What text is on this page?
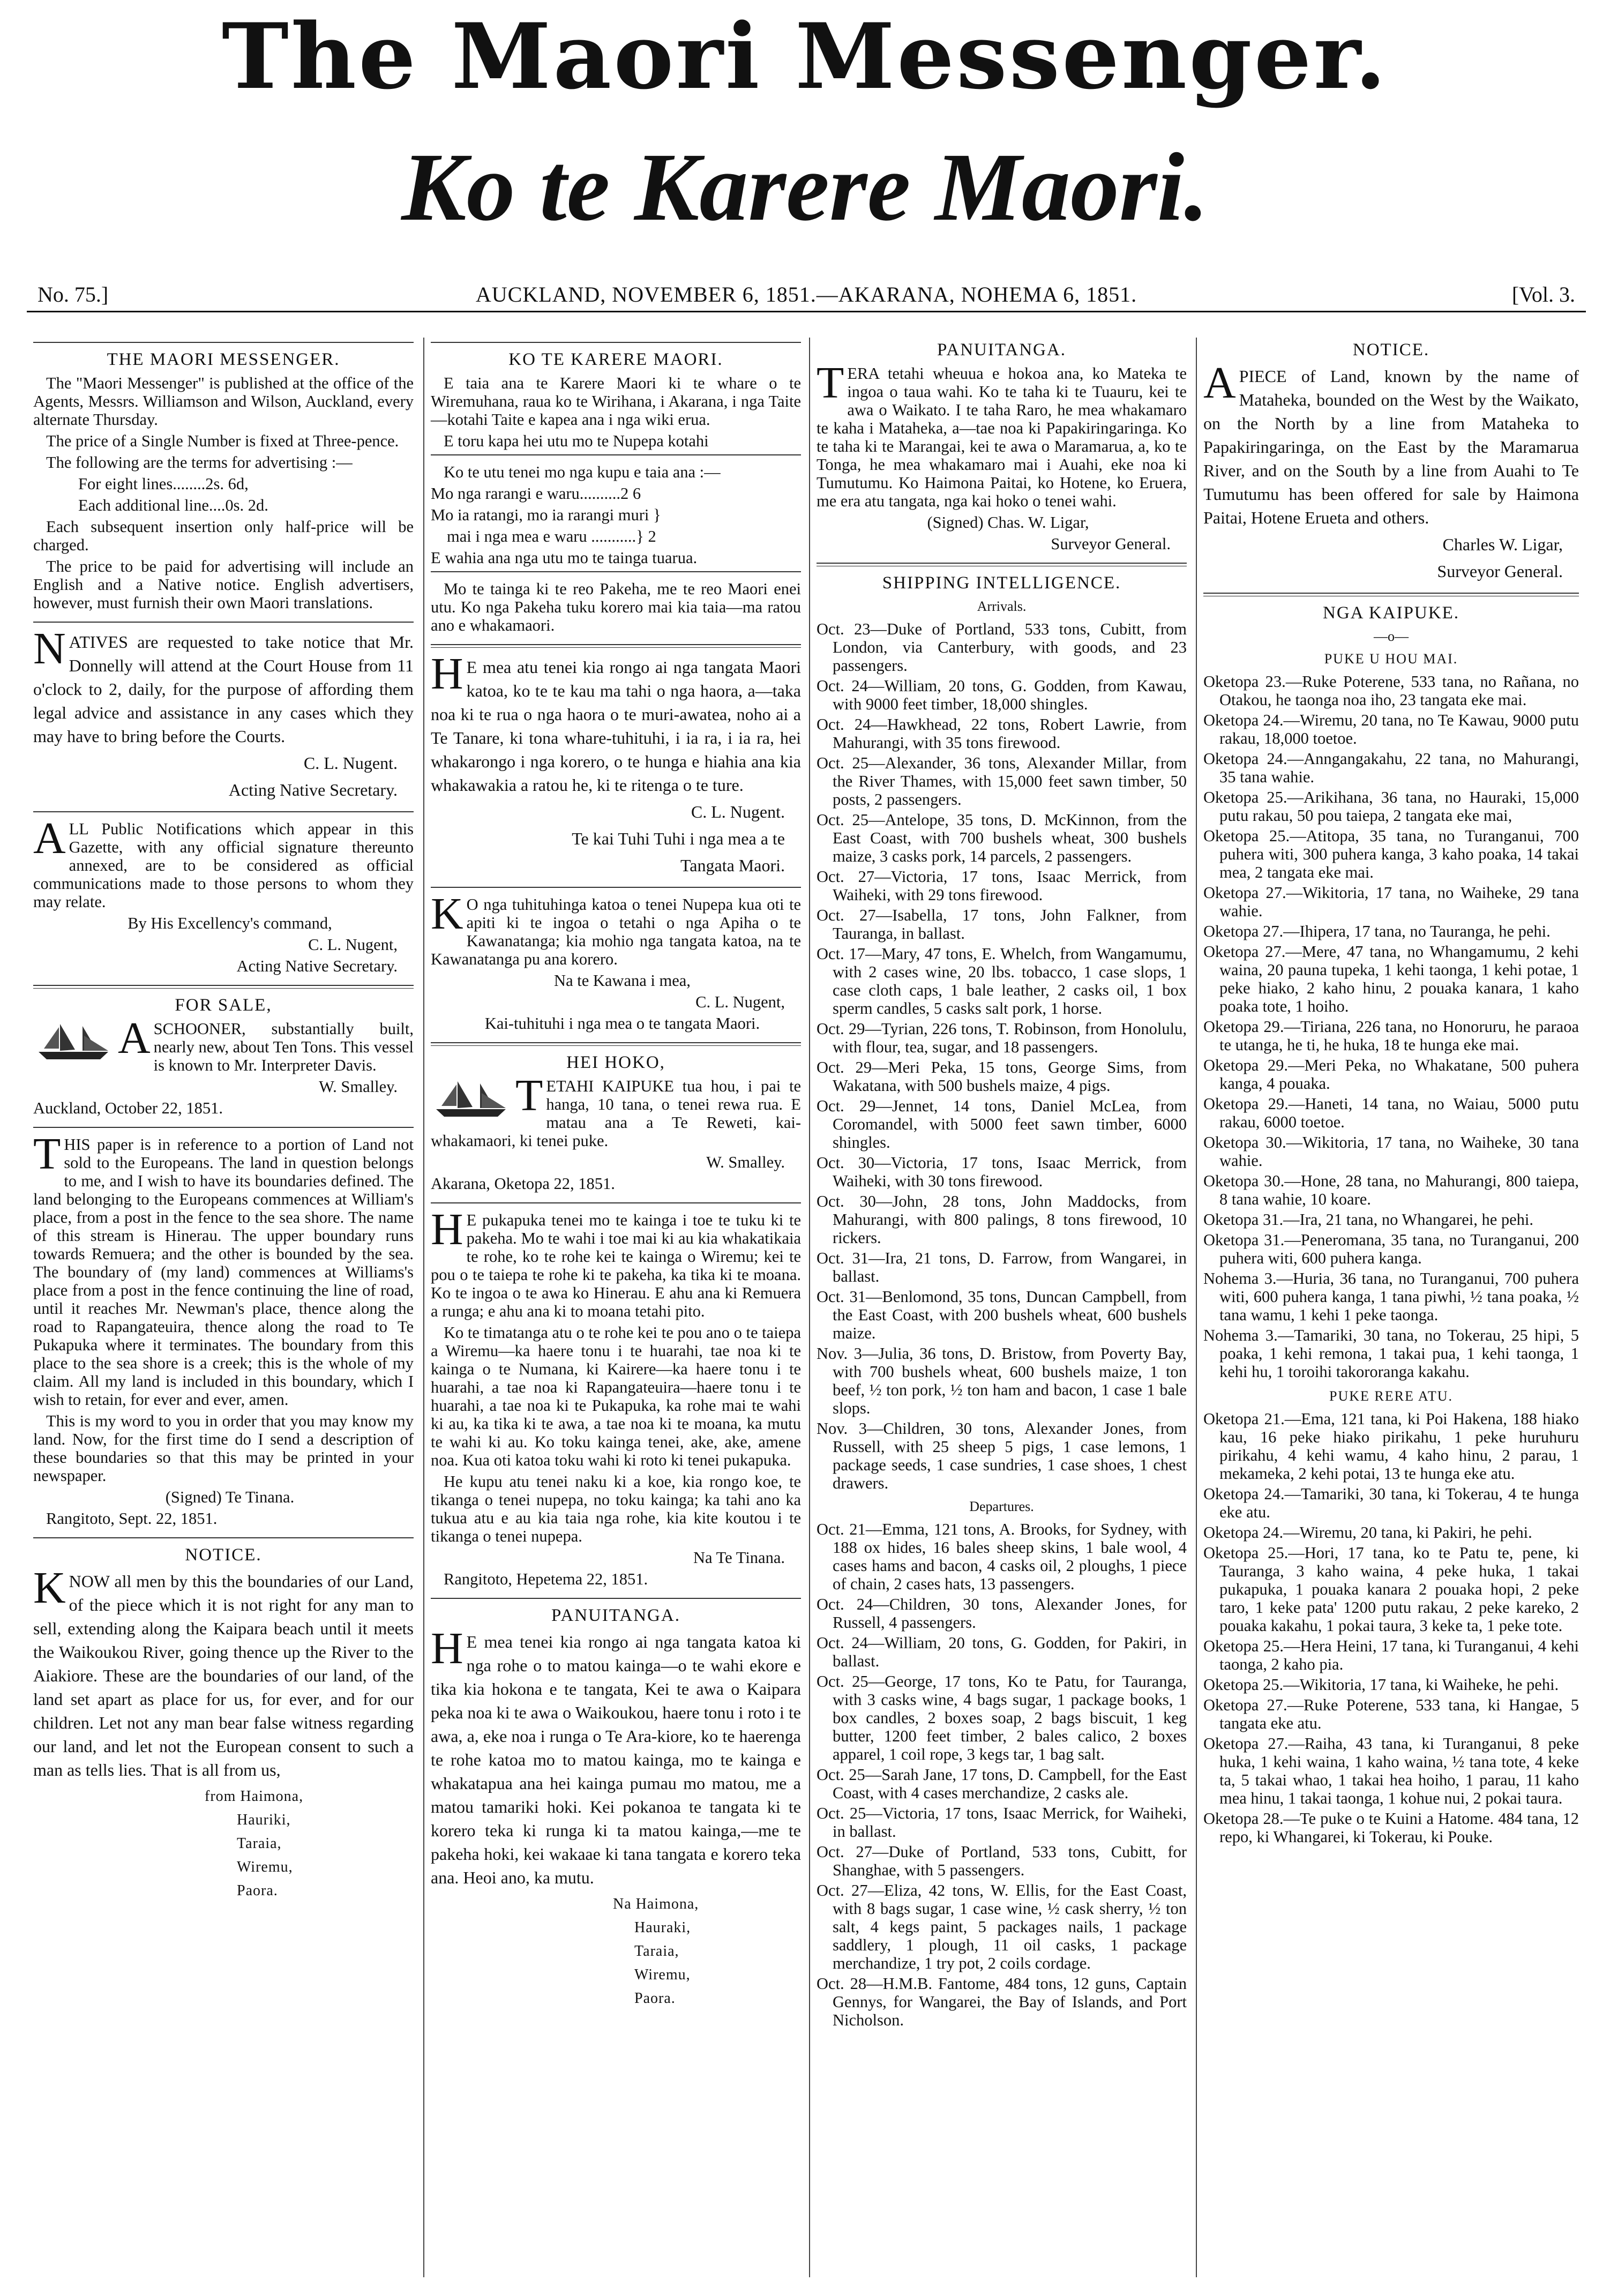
The Maori Messenger.
Ko te Karere Maori.
AUCKLAND, NOVEMBER 6, 1851.—AKARANA, NOHEMA 6, 1851.
No. 75.]	[Vol. 3.
THE MAORI MESSENGER.

The "Maori Messenger" is published at the office of the Agents, Messrs. Williamson and Wilson, Auckland, every alternate Thursday.

The price of a Single Number is fixed at Three-pence.

The following are the terms for advertising :—

For eight lines........2s. 6d,

Each additional line....0s. 2d.

Each subsequent insertion only half-price will be charged.

The price to be paid for advertising will include an English and a Native notice. English advertisers, however, must furnish their own Maori translations.

NATIVES are requested to take notice that Mr. Donnelly will attend at the Court House from 11 o'clock to 2, daily, for the purpose of affording them legal advice and assistance in any cases which they may have to bring before the Courts.

C. L. Nugent.

Acting Native Secretary.

ALL Public Notifications which appear in this Gazette, with any official signature thereunto annexed, are to be considered as official communications made to those persons to whom they may relate.

By His Excellency's command,

C. L. Nugent,

Acting Native Secretary.

FOR SALE,

ASCHOONER, substantially built, nearly new, about Ten Tons. This vessel is known to Mr. Interpreter Davis.

W. Smalley.

Auckland, October 22, 1851.

THIS paper is in reference to a portion of Land not sold to the Europeans. The land in question belongs to me, and I wish to have its boundaries defined. The land belonging to the Europeans commences at William's place, from a post in the fence to the sea shore. The name of this stream is Hinerau. The upper boundary runs towards Remuera; and the other is bounded by the sea. The boundary of (my land) commences at Williams's place from a post in the fence continuing the line of road, until it reaches Mr. Newman's place, thence along the road to Rapangateuira, thence along the road to Te Pukapuka where it terminates. The boundary from this place to the sea shore is a creek; this is the whole of my claim. All my land is included in this boundary, which I wish to retain, for ever and ever, amen.

This is my word to you in order that you may know my land. Now, for the first time do I send a description of these boundaries so that this may be printed in your newspaper.

(Signed) Te Tinana.

Rangitoto, Sept. 22, 1851.

NOTICE.

KNOW all men by this the boundaries of our Land, of the piece which it is not right for any man to sell, extending along the Kaipara beach until it meets the Waikoukou River, going thence up the River to the Aiakiore. These are the boundaries of our land, of the land set apart as place for us, for ever, and for our children. Let not any man bear false witness regarding our land, and let not the European consent to such a man as tells lies. That is all from us,

from Haimona,
Hauriki,
Taraia,
Wiremu,
Paora.
KO TE KARERE MAORI.

E taia ana te Karere Maori ki te whare o te Wiremuhana, raua ko te Wirihana, i Akarana, i nga Taite—kotahi Taite e kapea ana i nga wiki erua.

E toru kapa hei utu mo te Nupepa kotahi

Ko te utu tenei mo nga kupu e taia ana :—

Mo nga rarangi e waru..........2 6

Mo ia ratangi, mo ia rarangi muri }

mai i nga mea e waru ...........} 2

E wahia ana nga utu mo te tainga tuarua.

Mo te tainga ki te reo Pakeha, me te reo Maori enei utu. Ko nga Pakeha tuku korero mai kia taia—ma ratou ano e whakamaori.

H E mea atu tenei kia rongo ai nga tangata Maori katoa, ko te te kau ma tahi o nga haora, a—taka noa ki te rua o nga haora o te muri-awatea, noho ai a Te Tanare, ki tona whare-tuhituhi, i ia ra, i ia ra, hei whakarongo i nga korero, o te hunga e hiahia ana kia whakawakia a ratou he, ki te ritenga o te ture.

C. L. Nugent.

Te kai Tuhi Tuhi i nga mea a te

Tangata Maori.

K O nga tuhituhinga katoa o tenei Nupepa kua oti te apiti ki te ingoa o tetahi o nga Apiha o te Kawanatanga; kia mohio nga tangata katoa, na te Kawanatanga pu ana korero.

Na te Kawana i mea,

C. L. Nugent,

Kai-tuhituhi i nga mea o te tangata Maori.

HEI HOKO,

TETAHI KAIPUKE tua hou, i pai te hanga, 10 tana, o tenei rewa rua. E matau ana a Te Reweti, kai-whakamaori, ki tenei puke.

W. Smalley.

Akarana, Oketopa 22, 1851.

H E pukapuka tenei mo te kainga i toe te tuku ki te pakeha. Mo te wahi i toe mai ki au kia whakatikaia te rohe, ko te rohe kei te kainga o Wiremu; kei te pou o te taiepa te rohe ki te pakeha, ka tika ki te moana. Ko te ingoa o te awa ko Hinerau. E ahu ana ki Remuera a runga; e ahu ana ki to moana tetahi pito.

Ko te timatanga atu o te rohe kei te pou ano o te taiepa a Wiremu—ka haere tonu i te huarahi, tae noa ki te kainga o te Numana, ki Kairere—ka haere tonu i te huarahi, a tae noa ki Rapangateuira—haere tonu i te huarahi, a tae noa ki te Pukapuka, ka rohe mai te wahi ki au, ka tika ki te awa, a tae noa ki te moana, ka mutu te wahi ki au. Ko toku kainga tenei, ake, ake, amene noa. Kua oti katoa toku wahi ki roto ki tenei pukapuka.

He kupu atu tenei naku ki a koe, kia rongo koe, te tikanga o tenei nupepa, no toku kainga; ka tahi ano ka tukua atu e au kia taia nga rohe, kia kite koutou i te tikanga o tenei nupepa.

Na Te Tinana.

Rangitoto, Hepetema 22, 1851.

PANUITANGA.

H E mea tenei kia rongo ai nga tangata katoa ki nga rohe o to matou kainga—o te wahi ekore e tika kia hokona e te tangata, Kei te awa o Kaipara peka noa ki te awa o Waikoukou, haere tonu i roto i te awa, a, eke noa i runga o Te Ara-kiore, ko te haerenga te rohe katoa mo to matou kainga, mo te kainga e whakatapua ana hei kainga pumau mo matou, me a matou tamariki hoki. Kei pokanoa te tangata ki te korero teka ki runga ki ta matou kainga,—me te pakeha hoki, kei wakaae ki tana tangata e korero teka ana. Heoi ano, ka mutu.

Na Haimona,
Hauraki,
Taraia,
Wiremu,
Paora.
PANUITANGA.

TERA tetahi wheuua e hokoa ana, ko Mateka te ingoa o taua wahi. Ko te taha ki te Tuauru, kei te awa o Waikato. I te taha Raro, he mea whakamaro te kaha i Mataheka, a—tae noa ki Papakiringaringa. Ko te taha ki te Marangai, kei te awa o Maramarua, a, ko te Tonga, he mea whakamaro mai i Auahi, eke noa ki Tumutumu. Ko Haimona Paitai, ko Hotene, ko Eruera, me era atu tangata, nga kai hoko o tenei wahi.

(Signed) Chas. W. Ligar,

Surveyor General.

SHIPPING INTELLIGENCE.
Arrivals.
Oct. 23—Duke of Portland, 533 tons, Cubitt, from London, via Canterbury, with goods, and 23 passengers.
Oct. 24—William, 20 tons, G. Godden, from Kawau, with 9000 feet timber, 18,000 shingles.
Oct. 24—Hawkhead, 22 tons, Robert Lawrie, from Mahurangi, with 35 tons firewood.
Oct. 25—Alexander, 36 tons, Alexander Millar, from the River Thames, with 15,000 feet sawn timber, 50 posts, 2 passengers.
Oct. 25—Antelope, 35 tons, D. McKinnon, from the East Coast, with 700 bushels wheat, 300 bushels maize, 3 casks pork, 14 parcels, 2 passengers.
Oct. 27—Victoria, 17 tons, Isaac Merrick, from Waiheki, with 29 tons firewood.
Oct. 27—Isabella, 17 tons, John Falkner, from Tauranga, in ballast.
Oct. 17—Mary, 47 tons, E. Whelch, from Wangamumu, with 2 cases wine, 20 lbs. tobacco, 1 case slops, 1 case cloth caps, 1 bale leather, 2 casks oil, 1 box sperm candles, 5 casks salt pork, 1 horse.
Oct. 29—Tyrian, 226 tons, T. Robinson, from Honolulu, with flour, tea, sugar, and 18 passengers.
Oct. 29—Meri Peka, 15 tons, George Sims, from Wakatana, with 500 bushels maize, 4 pigs.
Oct. 29—Jennet, 14 tons, Daniel McLea, from Coromandel, with 5000 feet sawn timber, 6000 shingles.
Oct. 30—Victoria, 17 tons, Isaac Merrick, from Waiheki, with 30 tons firewood.
Oct. 30—John, 28 tons, John Maddocks, from Mahurangi, with 800 palings, 8 tons firewood, 10 rickers.
Oct. 31—Ira, 21 tons, D. Farrow, from Wangarei, in ballast.
Oct. 31—Benlomond, 35 tons, Duncan Campbell, from the East Coast, with 200 bushels wheat, 600 bushels maize.
Nov. 3—Julia, 36 tons, D. Bristow, from Poverty Bay, with 700 bushels wheat, 600 bushels maize, 1 ton beef, ½ ton pork, ½ ton ham and bacon, 1 case 1 bale slops.
Nov. 3—Children, 30 tons, Alexander Jones, from Russell, with 25 sheep 5 pigs, 1 case lemons, 1 package seeds, 1 case sundries, 1 case shoes, 1 chest drawers.
Departures.
Oct. 21—Emma, 121 tons, A. Brooks, for Sydney, with 188 ox hides, 16 bales sheep skins, 1 bale wool, 4 cases hams and bacon, 4 casks oil, 2 ploughs, 1 piece of chain, 2 cases hats, 13 passengers.
Oct. 24—Children, 30 tons, Alexander Jones, for Russell, 4 passengers.
Oct. 24—William, 20 tons, G. Godden, for Pakiri, in ballast.
Oct. 25—George, 17 tons, Ko te Patu, for Tauranga, with 3 casks wine, 4 bags sugar, 1 package books, 1 box candles, 2 boxes soap, 2 bags biscuit, 1 keg butter, 1200 feet timber, 2 bales calico, 2 boxes apparel, 1 coil rope, 3 kegs tar, 1 bag salt.
Oct. 25—Sarah Jane, 17 tons, D. Campbell, for the East Coast, with 4 cases merchandize, 2 casks ale.
Oct. 25—Victoria, 17 tons, Isaac Merrick, for Waiheki, in ballast.
Oct. 27—Duke of Portland, 533 tons, Cubitt, for Shanghae, with 5 passengers.
Oct. 27—Eliza, 42 tons, W. Ellis, for the East Coast, with 8 bags sugar, 1 case wine, ½ cask sherry, ½ ton salt, 4 kegs paint, 5 packages nails, 1 package saddlery, 1 plough, 11 oil casks, 1 package merchandize, 1 try pot, 2 coils cordage.
Oct. 28—H.M.B. Fantome, 484 tons, 12 guns, Captain Gennys, for Wangarei, the Bay of Islands, and Port Nicholson.
NOTICE.

APIECE of Land, known by the name of Mataheka, bounded on the West by the Waikato, on the North by a line from Mataheka to Papakiringaringa, on the East by the Maramarua River, and on the South by a line from Auahi to Te Tumutumu has been offered for sale by Haimona Paitai, Hotene Erueta and others.

Charles W. Ligar,

Surveyor General.

NGA KAIPUKE.
—o—
PUKE U HOU MAI.
Oketopa 23.—Ruke Poterene, 533 tana, no Rañana, no Otakou, he taonga noa iho, 23 tangata eke mai.
Oketopa 24.—Wiremu, 20 tana, no Te Kawau, 9000 putu rakau, 18,000 toetoe.
Oketopa 24.—Anngangakahu, 22 tana, no Mahurangi, 35 tana wahie.
Oketopa 25.—Arikihana, 36 tana, no Hauraki, 15,000 putu rakau, 50 pou taiepa, 2 tangata eke mai,
Oketopa 25.—Atitopa, 35 tana, no Turanganui, 700 puhera witi, 300 puhera kanga, 3 kaho poaka, 14 takai mea, 2 tangata eke mai.
Oketopa 27.—Wikitoria, 17 tana, no Waiheke, 29 tana wahie.
Oketopa 27.—Ihipera, 17 tana, no Tauranga, he pehi.
Oketopa 27.—Mere, 47 tana, no Whangamumu, 2 kehi waina, 20 pauna tupeka, 1 kehi taonga, 1 kehi potae, 1 peke hiako, 2 kaho hinu, 2 pouaka kanara, 1 kaho poaka tote, 1 hoiho.
Oketopa 29.—Tiriana, 226 tana, no Honoruru, he paraoa te utanga, he ti, he huka, 18 te hunga eke mai.
Oketopa 29.—Meri Peka, no Whakatane, 500 puhera kanga, 4 pouaka.
Oketopa 29.—Haneti, 14 tana, no Waiau, 5000 putu rakau, 6000 toetoe.
Oketopa 30.—Wikitoria, 17 tana, no Waiheke, 30 tana wahie.
Oketopa 30.—Hone, 28 tana, no Mahurangi, 800 taiepa, 8 tana wahie, 10 koare.
Oketopa 31.—Ira, 21 tana, no Whangarei, he pehi.
Oketopa 31.—Peneromana, 35 tana, no Turanganui, 200 puhera witi, 600 puhera kanga.
Nohema 3.—Huria, 36 tana, no Turanganui, 700 puhera witi, 600 puhera kanga, 1 tana piwhi, ½ tana poaka, ½ tana wamu, 1 kehi 1 peke taonga.
Nohema 3.—Tamariki, 30 tana, no Tokerau, 25 hipi, 5 poaka, 1 kehi remona, 1 takai pua, 1 kehi taonga, 1 kehi hu, 1 toroihi takororanga kakahu.
PUKE RERE ATU.
Oketopa 21.—Ema, 121 tana, ki Poi Hakena, 188 hiako kau, 16 peke hiako pirikahu, 1 peke huruhuru pirikahu, 4 kehi wamu, 4 kaho hinu, 2 parau, 1 mekameka, 2 kehi potai, 13 te hunga eke atu.
Oketopa 24.—Tamariki, 30 tana, ki Tokerau, 4 te hunga eke atu.
Oketopa 24.—Wiremu, 20 tana, ki Pakiri, he pehi.
Oketopa 25.—Hori, 17 tana, ko te Patu te, pene, ki Tauranga, 3 kaho waina, 4 peke huka, 1 takai pukapuka, 1 pouaka kanara 2 pouaka hopi, 2 peke taro, 1 keke pata' 1200 putu rakau, 2 peke kareko, 2 pouaka kakahu, 1 pokai taura, 3 keke ta, 1 peke tote.
Oketopa 25.—Hera Heini, 17 tana, ki Turanganui, 4 kehi taonga, 2 kaho pia.
Oketopa 25.—Wikitoria, 17 tana, ki Waiheke, he pehi.
Oketopa 27.—Ruke Poterene, 533 tana, ki Hangae, 5 tangata eke atu.
Oketopa 27.—Raiha, 43 tana, ki Turanganui, 8 peke huka, 1 kehi waina, 1 kaho waina, ½ tana tote, 4 keke ta, 5 takai whao, 1 takai hea hoiho, 1 parau, 11 kaho mea hinu, 1 takai taonga, 1 kohue nui, 2 pokai taura.
Oketopa 28.—Te puke o te Kuini a Hatome. 484 tana, 12 repo, ki Whangarei, ki Tokerau, ki Pouke.
